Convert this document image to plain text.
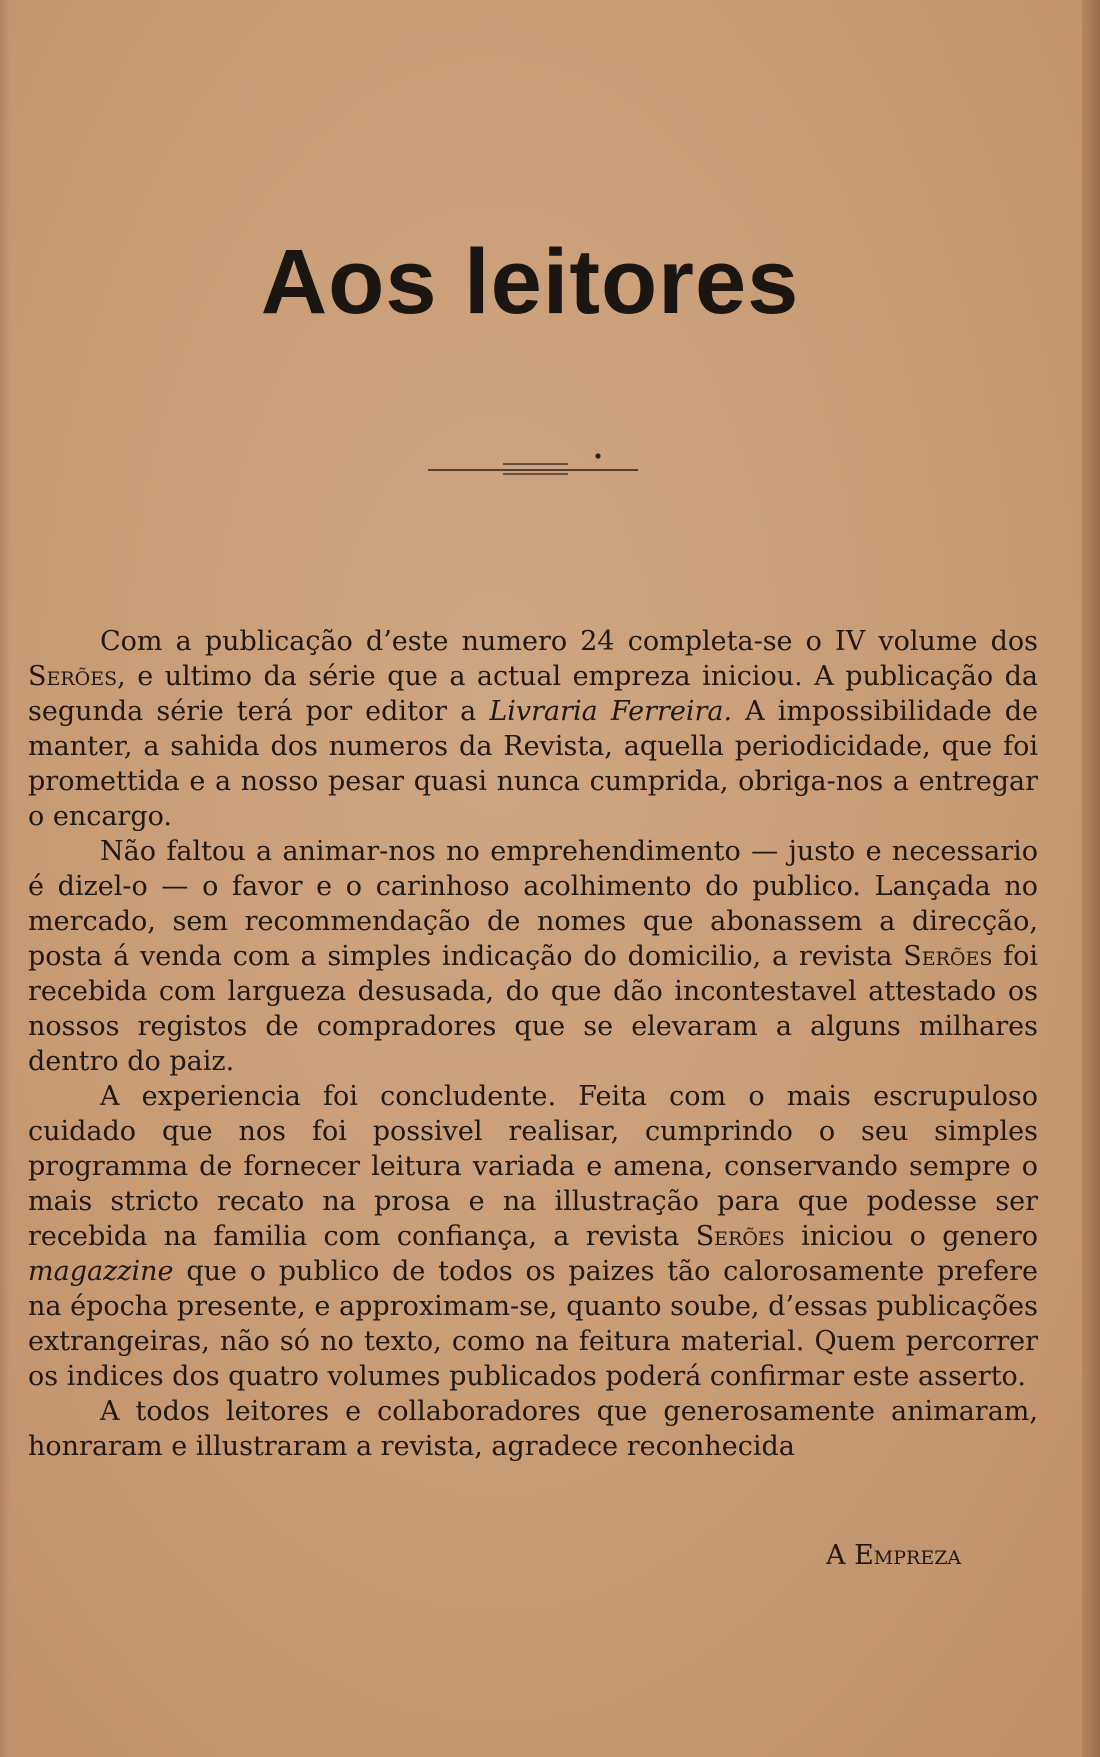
Aos leitores

Com a publicação d’este numero 24 completa-se o IV volume dos Serões, e ultimo da série que a actual empreza iniciou. A publicação da segunda série terá por editor a Livraria Ferreira. A impossibilidade de manter, a sahida dos numeros da Revista, aquella periodicidade, que foi promettida e a nosso pesar quasi nunca cumprida, obriga-nos a entregar o encargo.

Não faltou a animar-nos no emprehendimento — justo e necessario é dizel-o — o favor e o carinhoso acolhimento do publico. Lançada no mercado, sem recommendação de nomes que abonassem a direcção, posta á venda com a simples indicação do domicilio, a revista Serões foi recebida com largueza desusada, do que dão incontestavel attestado os nossos registos de compradores que se elevaram a alguns milhares dentro do paiz.

A experiencia foi concludente. Feita com o mais escrupuloso cuidado que nos foi possivel realisar, cumprindo o seu simples programma de fornecer leitura variada e amena, conservando sempre o mais stricto recato na prosa e na illustração para que podesse ser recebida na familia com confiança, a revista Serões iniciou o genero magazzine que o publico de todos os paizes tão calorosamente prefere na épocha presente, e approximam-se, quanto soube, d’essas publicações extrangeiras, não só no texto, como na feitura material. Quem percorrer os indices dos quatro volumes publicados poderá confirmar este asserto.

A todos leitores e collaboradores que generosamente animaram, honraram e illustraram a revista, agradece reconhecida

A Empreza
